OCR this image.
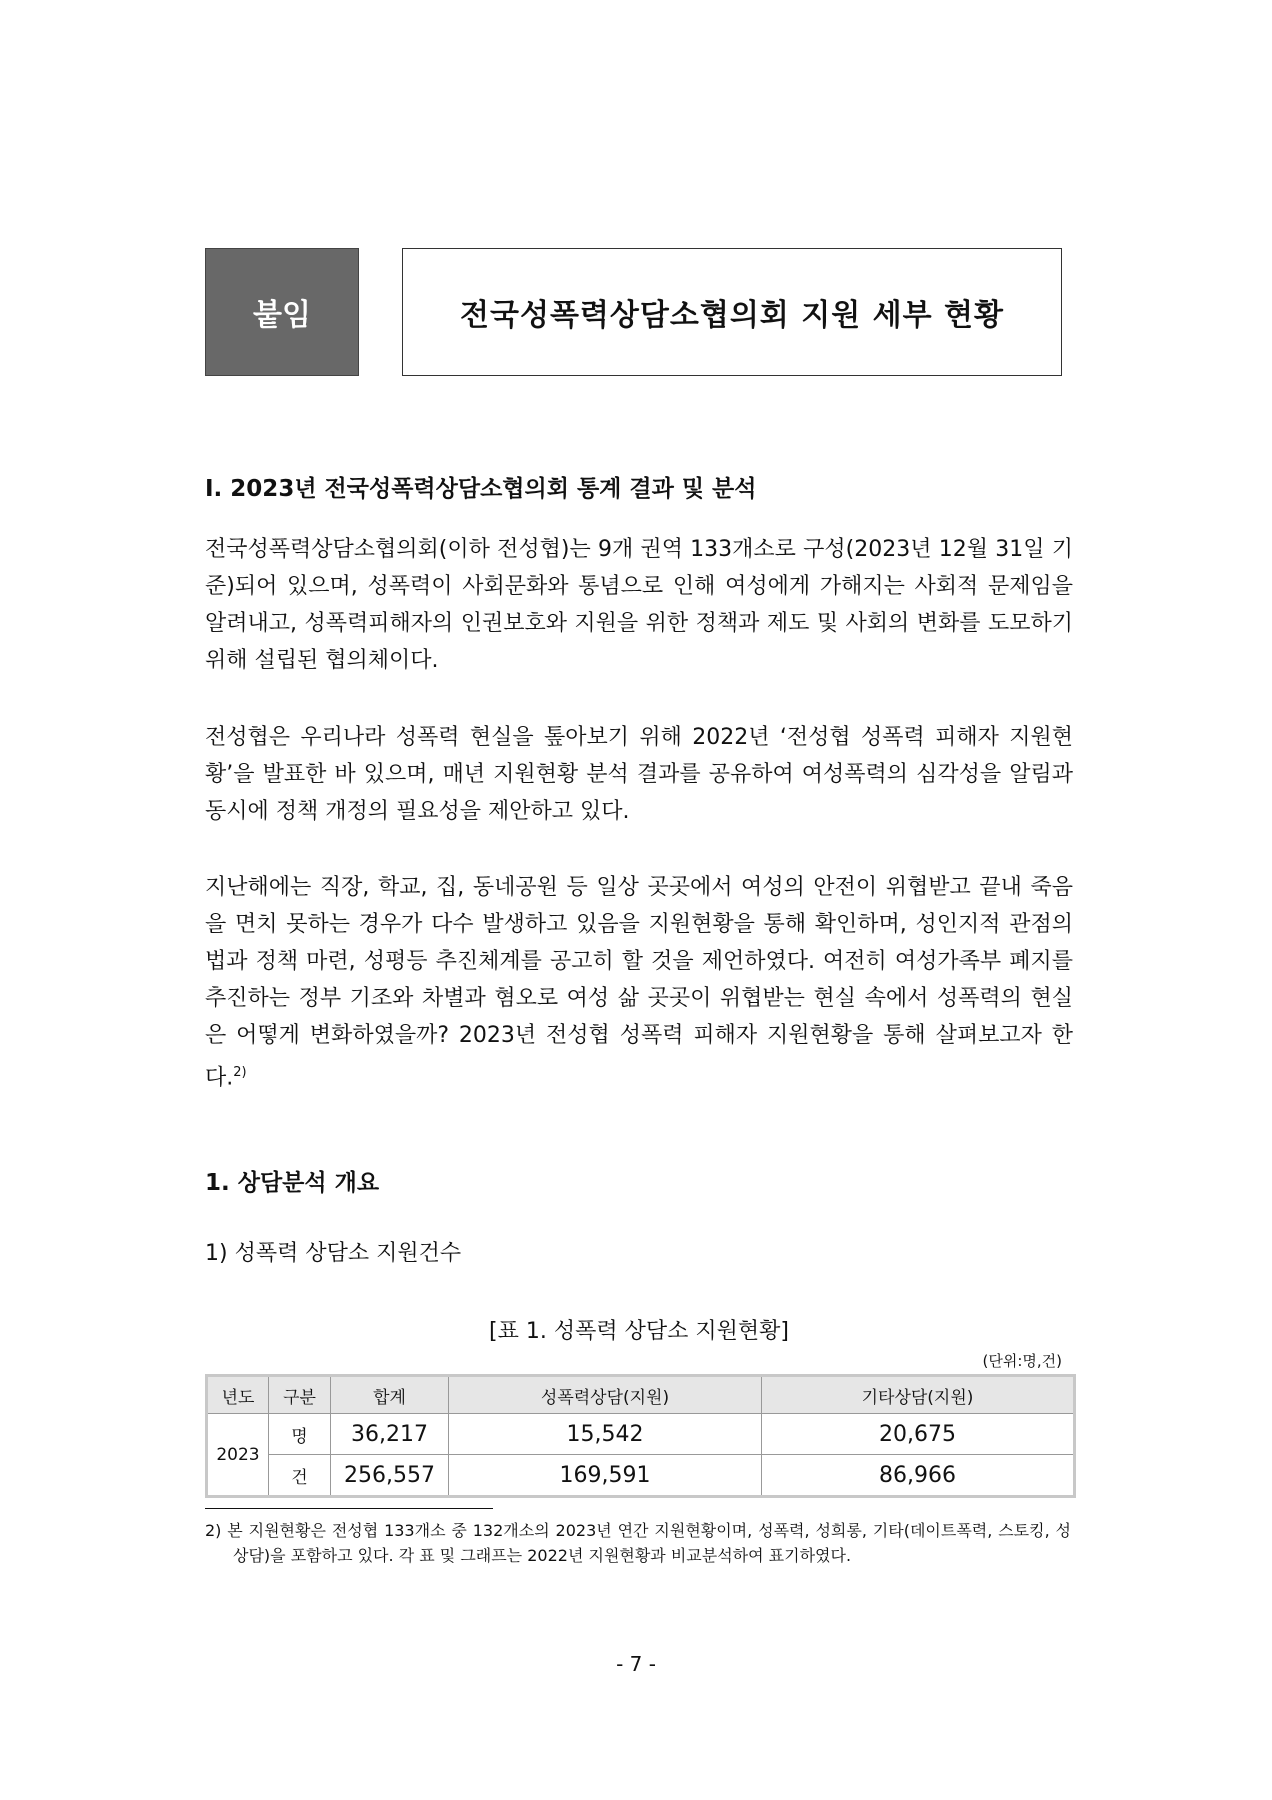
붙임	전국성폭력상담소협의회 지원 세부 현황
Ⅰ. 2023년 전국성폭력상담소협의회 통계 결과 및 분석
전국성폭력상담소협의회(이하 전성협)는 9개 권역 133개소로 구성(2023년 12월 31일 기준)되어 있으며, 성폭력이 사회문화와 통념으로 인해 여성에게 가해지는 사회적 문제임을 알려내고, 성폭력피해자의 인권보호와 지원을 위한 정책과 제도 및 사회의 변화를 도모하기 위해 설립된 협의체이다.
전성협은 우리나라 성폭력 현실을 톺아보기 위해 2022년 ‘전성협 성폭력 피해자 지원현황’을 발표한 바 있으며, 매년 지원현황 분석 결과를 공유하여 여성폭력의 심각성을 알림과 동시에 정책 개정의 필요성을 제안하고 있다.
지난해에는 직장, 학교, 집, 동네공원 등 일상 곳곳에서 여성의 안전이 위협받고 끝내 죽음을 면치 못하는 경우가 다수 발생하고 있음을 지원현황을 통해 확인하며, 성인지적 관점의 법과 정책 마련, 성평등 추진체계를 공고히 할 것을 제언하였다. 여전히 여성가족부 폐지를 추진하는 정부 기조와 차별과 혐오로 여성 삶 곳곳이 위협받는 현실 속에서 성폭력의 현실은 어떻게 변화하였을까? 2023년 전성협 성폭력 피해자 지원현황을 통해 살펴보고자 한다.$^{2)}$
1. 상담분석 개요
1) 성폭력 상담소 지원건수
[표 1. 성폭력 상담소 지원현황]
(단위:명,건)
년도	구분	합계	성폭력상담(지원)	기타상담(지원)
2023	명	36,217	15,542	20,675
	건	256,557	169,591	86,966
2) 본 지원현황은 전성협 133개소 중 132개소의 2023년 연간 지원현황이며, 성폭력, 성희롱, 기타(데이트폭력, 스토킹, 성상담)을 포함하고 있다. 각 표 및 그래프는 2022년 지원현황과 비교분석하여 표기하였다.
- 7 -
